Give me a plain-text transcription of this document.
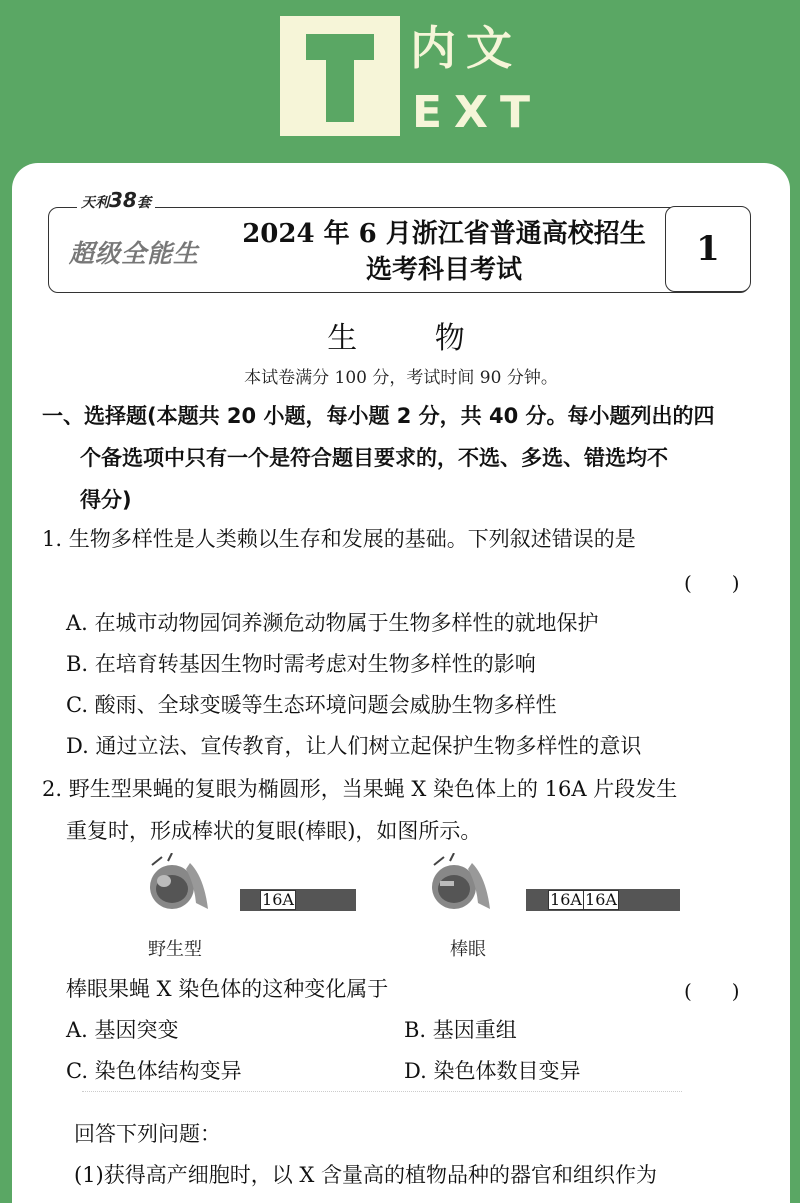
内文
EXT
天利38套
超级全能生
2024 年 6 月浙江省普通高校招生
选考科目考试
1
生 物
本试卷满分 100 分，考试时间 90 分钟。
一、选择题(本题共 20 小题，每小题 2 分，共 40 分。每小题列出的四
个备选项中只有一个是符合题目要求的，不选、多选、错选均不
得分)
1. 生物多样性是人类赖以生存和发展的基础。下列叙述错误的是
(　　)
A. 在城市动物园饲养濒危动物属于生物多样性的就地保护
B. 在培育转基因生物时需考虑对生物多样性的影响
C. 酸雨、全球变暖等生态环境问题会威胁生物多样性
D. 通过立法、宣传教育，让人们树立起保护生物多样性的意识
2. 野生型果蝇的复眼为椭圆形，当果蝇 X 染色体上的 16A 片段发生
重复时，形成棒状的复眼(棒眼)，如图所示。
16A
野生型
16A 16A
棒眼
棒眼果蝇 X 染色体的这种变化属于	(　　)
A. 基因突变	B. 基因重组
C. 染色体结构变异	D. 染色体数目变异
回答下列问题：
(1)获得高产细胞时，以 X 含量高的植物品种的器官和组织作为
